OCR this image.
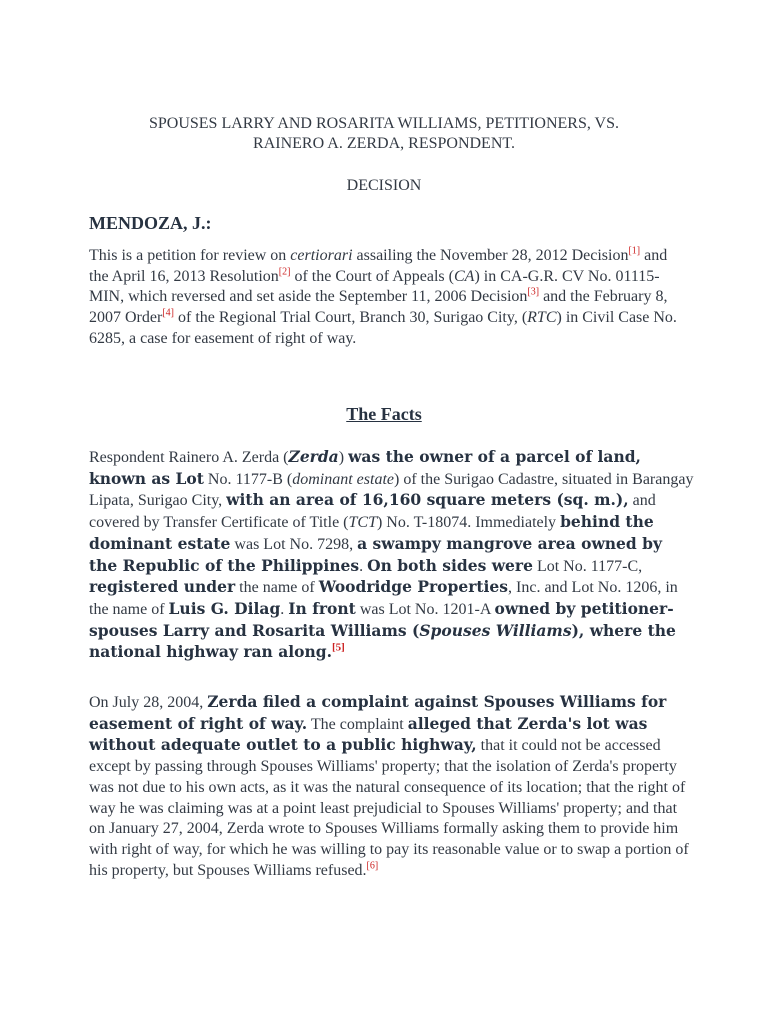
SPOUSES LARRY AND ROSARITA WILLIAMS, PETITIONERS, VS.
RAINERO A. ZERDA, RESPONDENT.
DECISION
MENDOZA, J.:
This is a petition for review on certiorari assailing the November 28, 2012 Decision[1] and the April 16, 2013 Resolution[2] of the Court of Appeals (CA) in CA-G.R. CV No. 01115-MIN, which reversed and set aside the September 11, 2006 Decision[3] and the February 8, 2007 Order[4] of the Regional Trial Court, Branch 30, Surigao City, (RTC) in Civil Case No. 6285, a case for easement of right of way.
The Facts
Respondent Rainero A. Zerda (Zerda) was the owner of a parcel of land, known as Lot No. 1177-B (dominant estate) of the Surigao Cadastre, situated in Barangay Lipata, Surigao City, with an area of 16,160 square meters (sq. m.), and covered by Transfer Certificate of Title (TCT) No. T-18074. Immediately behind the dominant estate was Lot No. 7298, a swampy mangrove area owned by the Republic of the Philippines. On both sides were Lot No. 1177-C, registered under the name of Woodridge Properties, Inc. and Lot No. 1206, in the name of Luis G. Dilag. In front was Lot No. 1201-A owned by petitioner-spouses Larry and Rosarita Williams (Spouses Williams), where the national highway ran along.[5]
On July 28, 2004, Zerda filed a complaint against Spouses Williams for easement of right of way. The complaint alleged that Zerda's lot was without adequate outlet to a public highway, that it could not be accessed except by passing through Spouses Williams' property; that the isolation of Zerda's property was not due to his own acts, as it was the natural consequence of its location; that the right of way he was claiming was at a point least prejudicial to Spouses Williams' property; and that on January 27, 2004, Zerda wrote to Spouses Williams formally asking them to provide him with right of way, for which he was willing to pay its reasonable value or to swap a portion of his property, but Spouses Williams refused.[6]
